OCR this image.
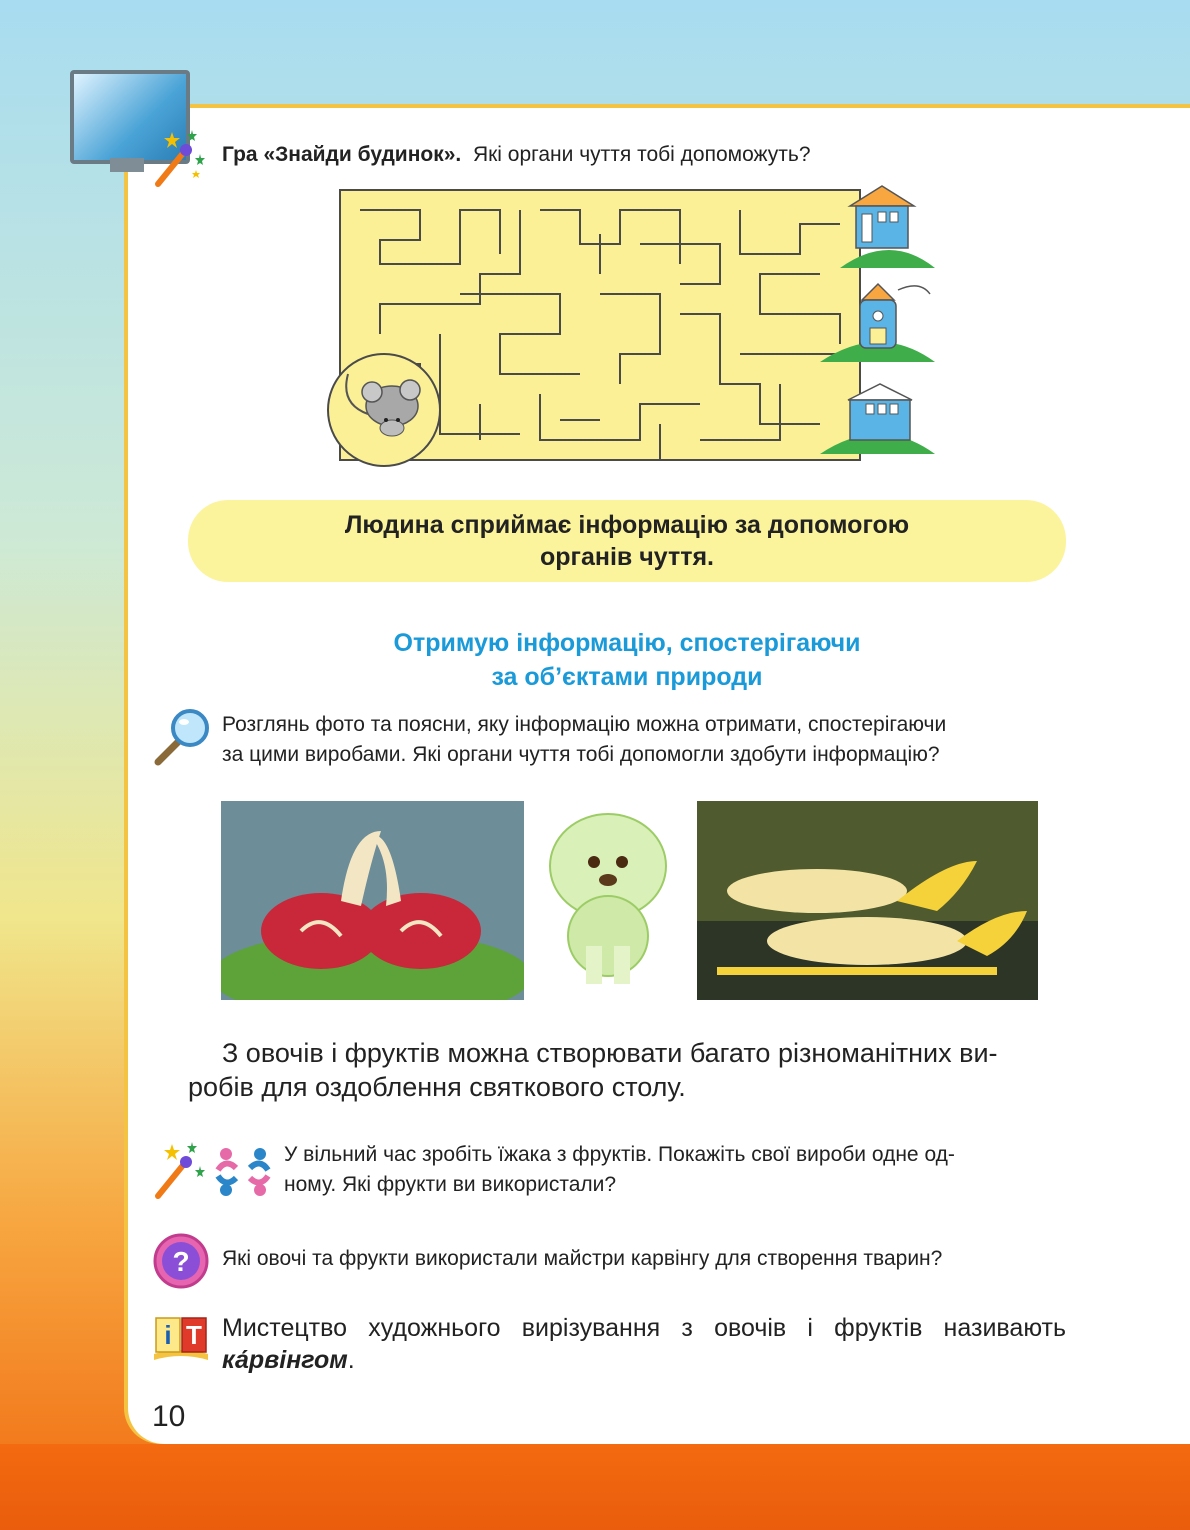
Гра «Знайди будинок». Які органи чуття тобі допоможуть?
Людина сприймає інформацію за допомогою
органів чуття.
Отримую інформацію, спостерігаючи
за об’єктами природи
Розглянь фото та поясни, яку інформацію можна отримати, спостерігаючи
за цими виробами. Які органи чуття тобі допомогли здобути інформацію?
З овочів і фруктів можна створювати багато різноманітних ви-
робів для оздоблення святкового столу.
У вільний час зробіть їжака з фруктів. Покажіть свої вироби одне од-
ному. Які фрукти ви використали?
? Які овочі та фрукти використали майстри карвінгу для створення тварин?
i T Мистецтво художнього вирізування з овочів і фруктів називають
ка́рвінгом.
10
